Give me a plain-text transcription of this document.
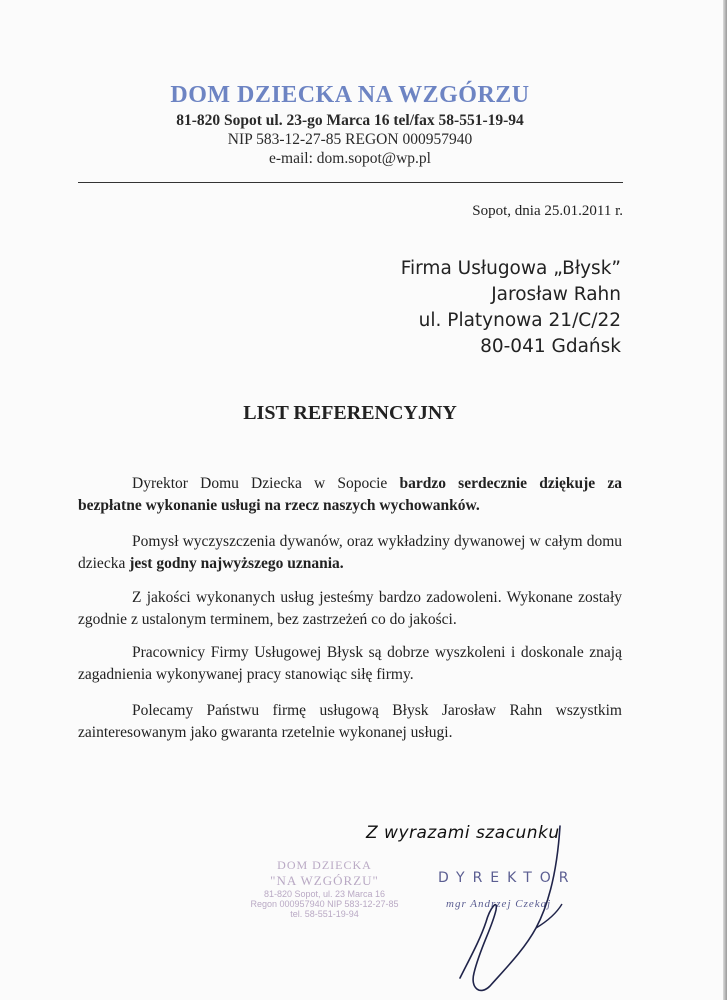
DOM DZIECKA NA WZGÓRZU
81-820 Sopot ul. 23-go Marca 16 tel/fax 58-551-19-94
NIP 583-12-27-85 REGON 000957940
e-mail: dom.sopot@wp.pl
Sopot, dnia 25.01.2011 r.
Firma Usługowa „Błysk”
Jarosław Rahn
ul. Platynowa 21/C/22
80-041 Gdańsk
LIST REFERENCYJNY
Dyrektor Domu Dziecka w Sopocie bardzo serdecznie dziękuje za bezpłatne wykonanie usługi na rzecz naszych wychowanków.
Pomysł wyczyszczenia dywanów, oraz wykładziny dywanowej w całym domu dziecka jest godny najwyższego uznania.
Z jakości wykonanych usług jesteśmy bardzo zadowoleni. Wykonane zostały zgodnie z ustalonym terminem, bez zastrzeżeń co do jakości.
Pracownicy Firmy Usługowej Błysk są dobrze wyszkoleni i doskonale znają zagadnienia wykonywanej pracy stanowiąc siłę firmy.
Polecamy Państwu firmę usługową Błysk Jarosław Rahn wszystkim zainteresowanym jako gwaranta rzetelnie wykonanej usługi.
Z wyrazami szacunku
DOM DZIECKA
"NA WZGÓRZU"
81-820 Sopot, ul. 23 Marca 16
Regon 000957940 NIP 583-12-27-85
tel. 58-551-19-94
DYREKTOR
mgr Andrzej Czekaj
